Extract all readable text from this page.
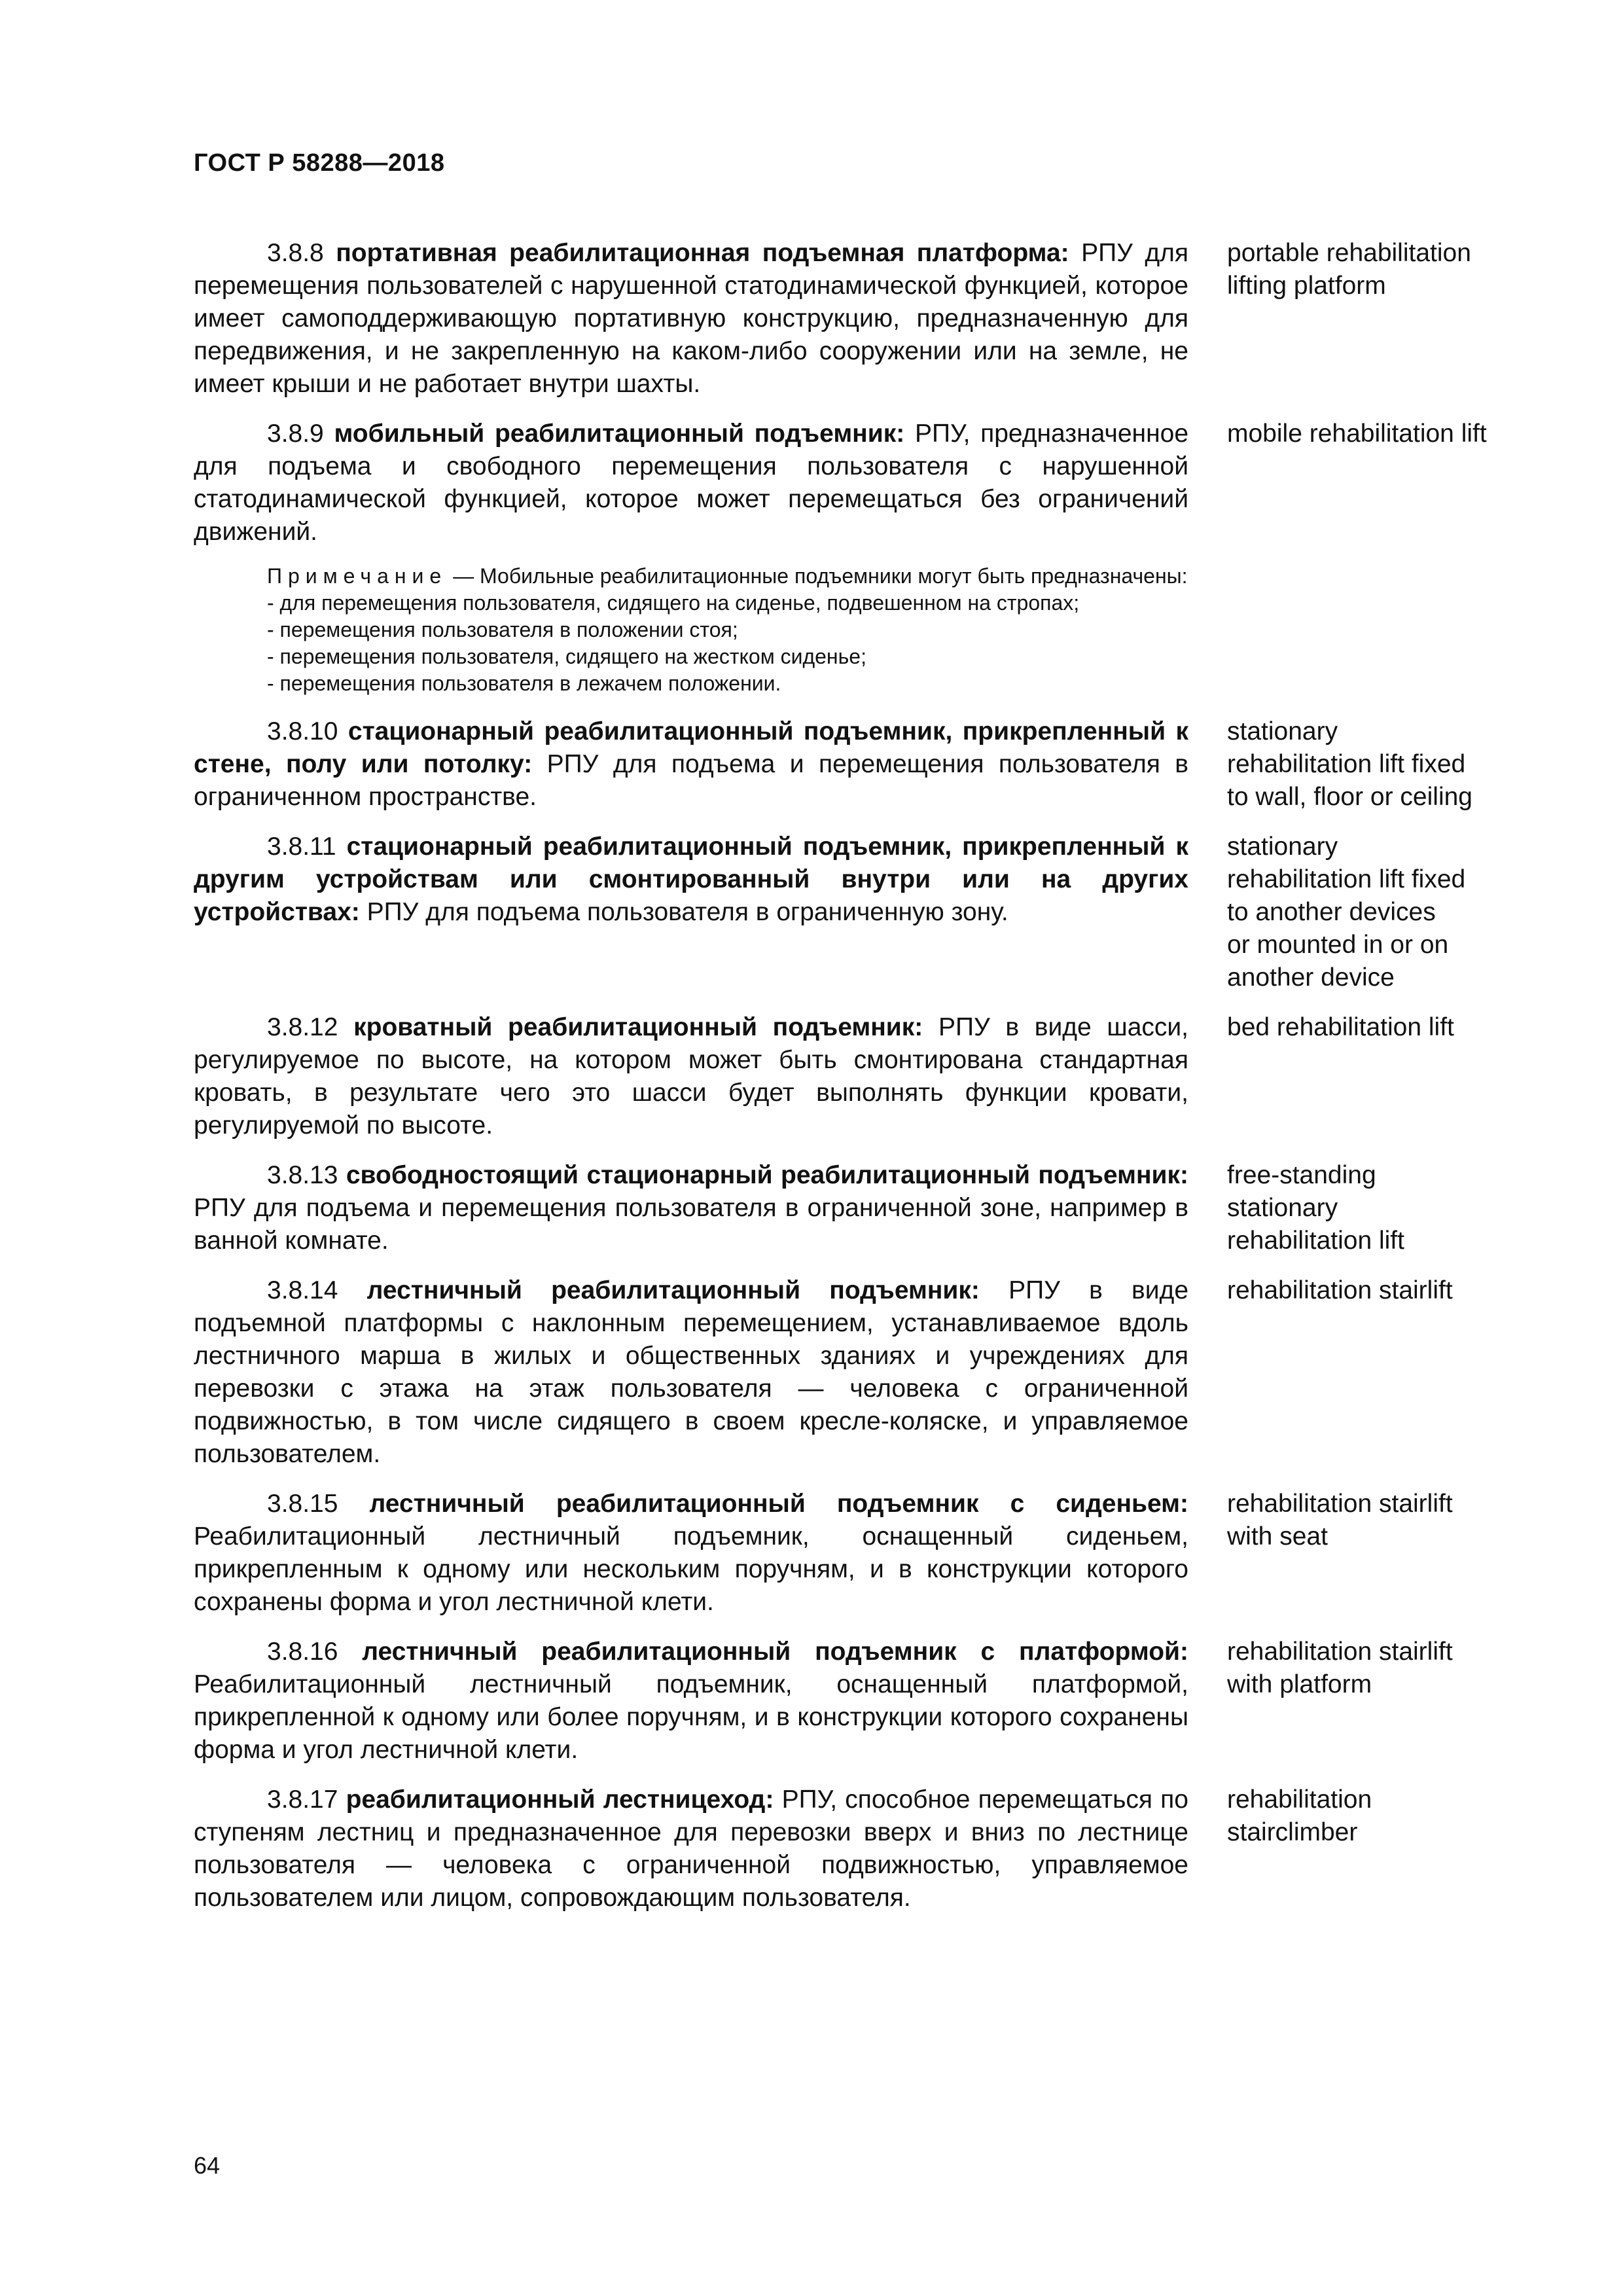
ГОСТ Р 58288—2018
3.8.8 портативная реабилитационная подъемная платформа: РПУ для перемещения пользователей с нарушенной статодинамической функцией, которое имеет самоподдерживающую портативную конструкцию, предназначенную для передвижения, и не закрепленную на каком-либо сооружении или на земле, не имеет крыши и не работает внутри шахты.
portable rehabilitation
lifting platform
3.8.9 мобильный реабилитационный подъемник: РПУ, предназначенное для подъема и свободного перемещения пользователя с нарушенной статодинамической функцией, которое может перемещаться без ограничений движений.
mobile rehabilitation lift
Примечание — Мобильные реабилитационные подъемники могут быть предназначены:
- для перемещения пользователя, сидящего на сиденье, подвешенном на стропах;
- перемещения пользователя в положении стоя;
- перемещения пользователя, сидящего на жестком сиденье;
- перемещения пользователя в лежачем положении.
3.8.10 стационарный реабилитационный подъемник, прикрепленный к стене, полу или потолку: РПУ для подъема и перемещения пользователя в ограниченном пространстве.
stationary
rehabilitation lift fixed
to wall, floor or ceiling
3.8.11 стационарный реабилитационный подъемник, прикрепленный к другим устройствам или смонтированный внутри или на других устройствах: РПУ для подъема пользователя в ограниченную зону.
stationary
rehabilitation lift fixed
to another devices
or mounted in or on
another device
3.8.12 кроватный реабилитационный подъемник: РПУ в виде шасси, регулируемое по высоте, на котором может быть смонтирована стандартная кровать, в результате чего это шасси будет выполнять функции кровати, регулируемой по высоте.
bed rehabilitation lift
3.8.13 свободностоящий стационарный реабилитационный подъемник: РПУ для подъема и перемещения пользователя в ограниченной зоне, например в ванной комнате.
free-standing
stationary
rehabilitation lift
3.8.14 лестничный реабилитационный подъемник: РПУ в виде подъемной платформы с наклонным перемещением, устанавливаемое вдоль лестничного марша в жилых и общественных зданиях и учреждениях для перевозки с этажа на этаж пользователя — человека с ограниченной подвижностью, в том числе сидящего в своем кресле-коляске, и управляемое пользователем.
rehabilitation stairlift
3.8.15 лестничный реабилитационный подъемник с сиденьем: Реабилитационный лестничный подъемник, оснащенный сиденьем, прикрепленным к одному или нескольким поручням, и в конструкции которого сохранены форма и угол лестничной клети.
rehabilitation stairlift
with seat
3.8.16 лестничный реабилитационный подъемник с платформой: Реабилитационный лестничный подъемник, оснащенный платформой, прикрепленной к одному или более поручням, и в конструкции которого сохранены форма и угол лестничной клети.
rehabilitation stairlift
with platform
3.8.17 реабилитационный лестницеход: РПУ, способное перемещаться по ступеням лестниц и предназначенное для перевозки вверх и вниз по лестнице пользователя — человека с ограниченной подвижностью, управляемое пользователем или лицом, сопровождающим пользователя.
rehabilitation
stairclimber
64
